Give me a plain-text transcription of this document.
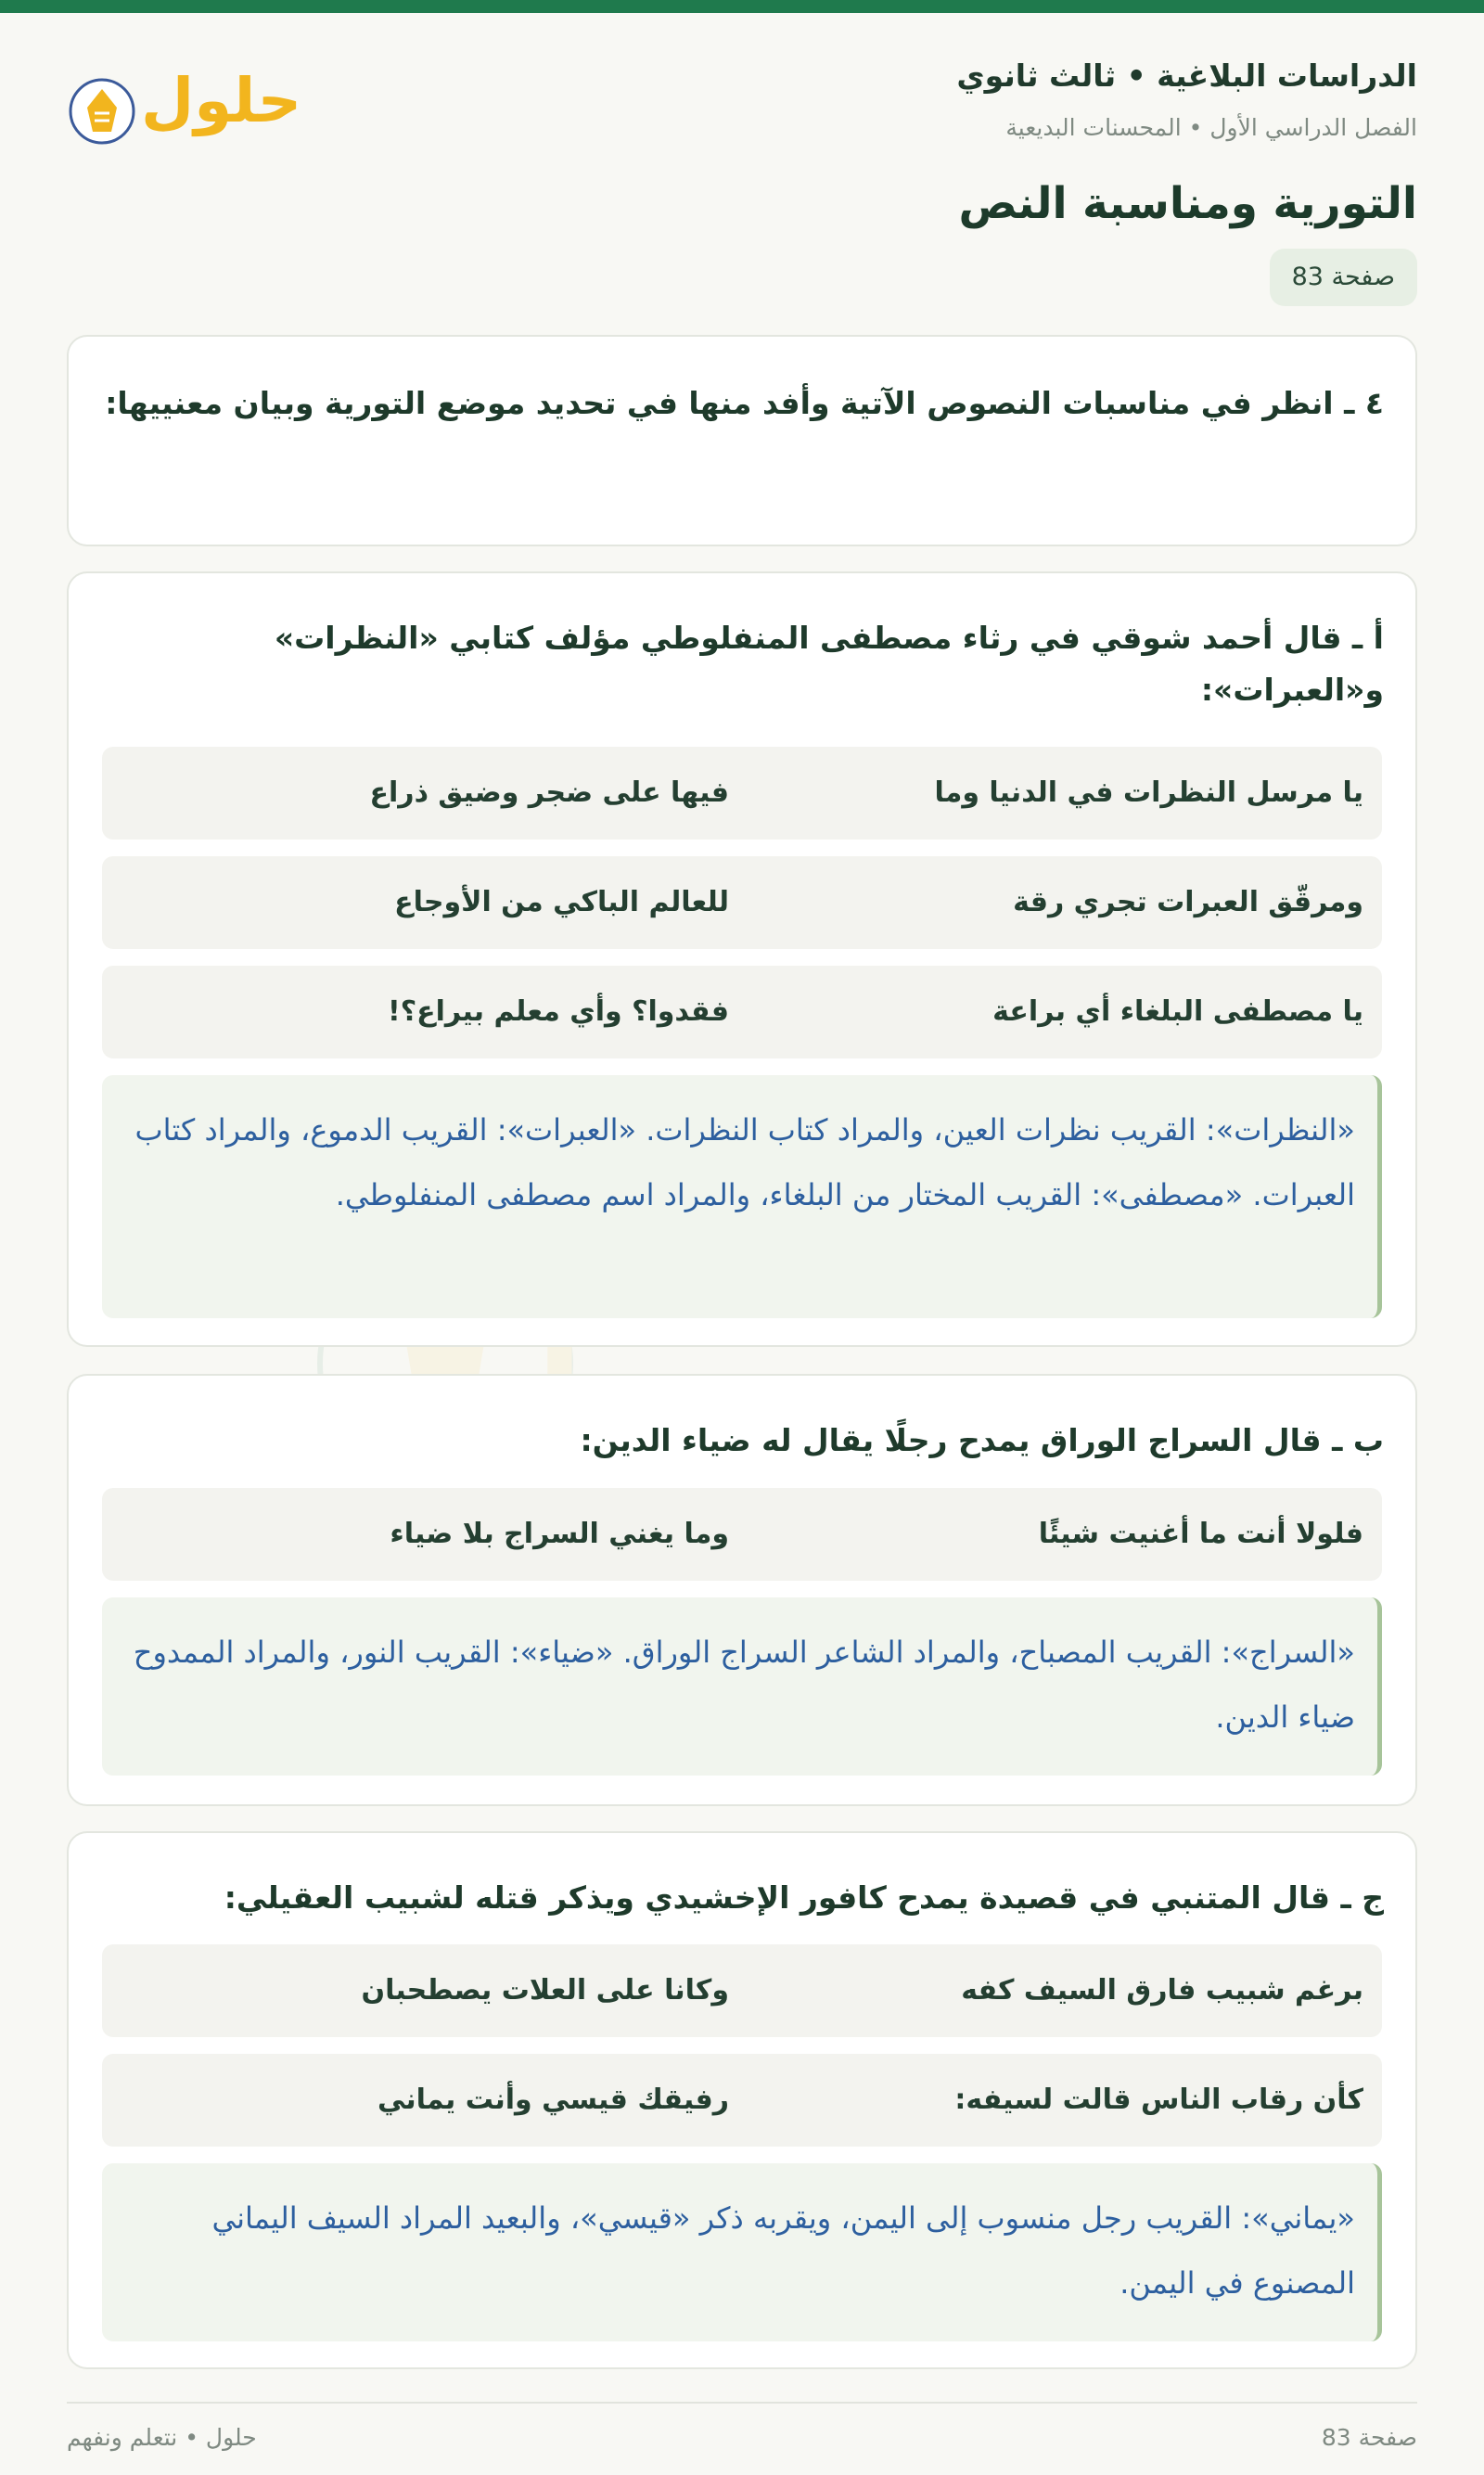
ل
الدراسات البلاغية • ثالث ثانوي
الفصل الدراسي الأول • المحسنات البديعية
حلول
التورية ومناسبة النص
صفحة 83
٤ ـ انظر في مناسبات النصوص الآتية وأفد منها في تحديد موضع التورية وبيان معنييها:
أ ـ قال أحمد شوقي في رثاء مصطفى المنفلوطي مؤلف كتابي «النظرات» و«العبرات»:
يا مرسل النظرات في الدنيا وما
فيها على ضجر وضيق ذراع
ومرقّق العبرات تجري رقة
للعالم الباكي من الأوجاع
يا مصطفى البلغاء أي براعة
فقدوا؟ وأي معلم بيراع؟!
«النظرات»: القريب نظرات العين، والمراد كتاب النظرات. «العبرات»: القريب الدموع، والمراد كتاب العبرات. «مصطفى»: القريب المختار من البلغاء، والمراد اسم مصطفى المنفلوطي.
ب ـ قال السراج الوراق يمدح رجلًا يقال له ضياء الدين:
فلولا أنت ما أغنيت شيئًا
وما يغني السراج بلا ضياء
«السراج»: القريب المصباح، والمراد الشاعر السراج الوراق. «ضياء»: القريب النور، والمراد الممدوح ضياء الدين.
ج ـ قال المتنبي في قصيدة يمدح كافور الإخشيدي ويذكر قتله لشبيب العقيلي:
برغم شبيب فارق السيف كفه
وكانا على العلات يصطحبان
كأن رقاب الناس قالت لسيفه:
رفيقك قيسي وأنت يماني
«يماني»: القريب رجل منسوب إلى اليمن، ويقربه ذكر «قيسي»، والبعيد المراد السيف اليماني المصنوع في اليمن.
صفحة 83
حلول • نتعلم ونفهم
